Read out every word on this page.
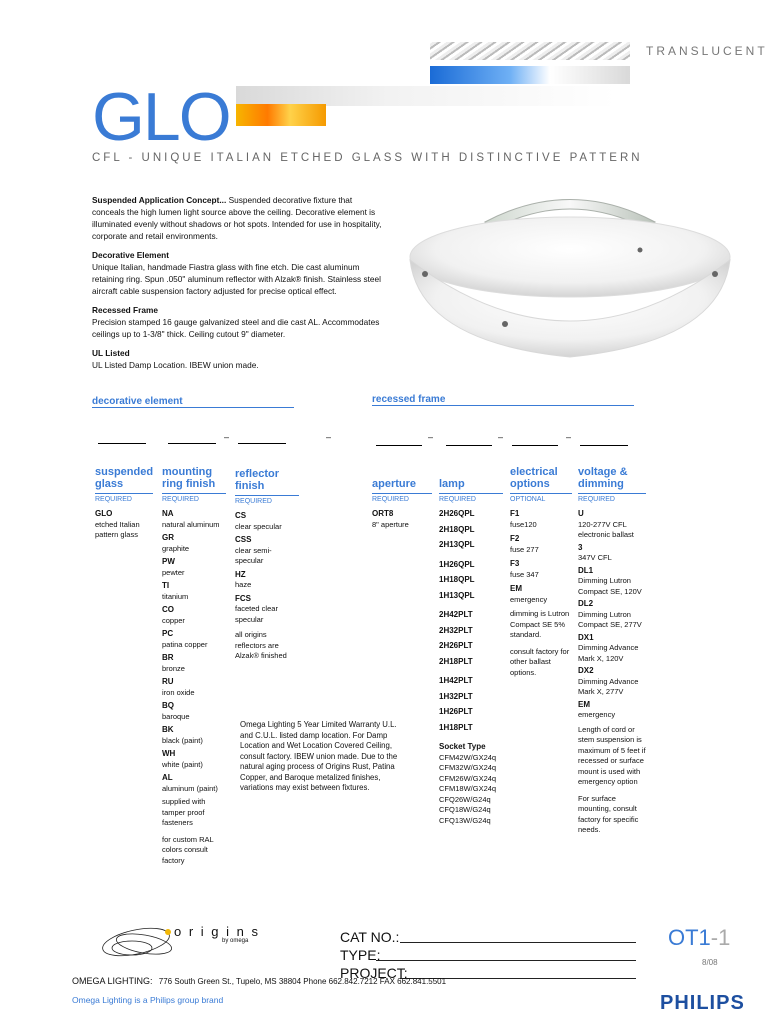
TRANSLUCENT
GLO
CFL - UNIQUE ITALIAN ETCHED GLASS WITH DISTINCTIVE PATTERN

Suspended Application Concept... Suspended decorative fixture that conceals the high lumen light source above the ceiling. Decorative element is illuminated evenly without shadows or hot spots. Intended for use in hospitality, corporate and retail environments.

Decorative Element
Unique Italian, handmade Fiastra glass with fine etch. Die cast aluminum retaining ring. Spun .050" aluminum reflector with Alzak® finish. Stainless steel aircraft cable suspension factory adjusted for precise optical effect.

Recessed Frame
Precision stamped 16 gauge galvanized steel and die cast AL. Accommodates ceilings up to 1-3/8" thick. Ceiling cutout 9" diameter.

UL Listed
UL Listed Damp Location. IBEW union made.

decorative element	recessed frame
–	–	–	–	–
suspended
glass
REQUIRED
GLO
etched Italian pattern glass
mounting
ring finish
REQUIRED
NA
natural aluminum
GR
graphite
PW
pewter
TI
titanium
CO
copper
PC
patina copper
BR
bronze
RU
iron oxide
BQ
baroque
BK
black (paint)
WH
white (paint)
AL
aluminum (paint)
supplied with tamper proof fasteners
for custom RAL colors consult factory
reflector
finish
REQUIRED
CS
clear specular
CSS
clear semi-specular
HZ
haze
FCS
faceted clear specular
all origins reflectors are Alzak® finished
Omega Lighting 5 Year Limited Warranty U.L. and C.U.L. listed damp location. For Damp Location and Wet Location Covered Ceiling, consult factory. IBEW union made. Due to the natural aging process of Origins Rust, Patina Copper, and Baroque metalized finishes, variations may exist between fixtures.
aperture
REQUIRED
ORT8
8" aperture
lamp
REQUIRED
2H26QPL
2H18QPL
2H13QPL
1H26QPL
1H18QPL
1H13QPL
2H42PLT
2H32PLT
2H26PLT
2H18PLT
1H42PLT
1H32PLT
1H26PLT
1H18PLT
Socket Type
CFM42W/GX24q
CFM32W/GX24q
CFM26W/GX24q
CFM18W/GX24q
CFQ26W/G24q
CFQ18W/G24q
CFQ13W/G24q
electrical
options
OPTIONAL
F1
fuse120
F2
fuse 277
F3
fuse 347
EM
emergency
dimming is Lutron Compact SE 5% standard.
consult factory for other ballast options.
voltage &
dimming
REQUIRED
U
120-277V CFL electronic ballast
3
347V CFL
DL1
Dimming Lutron Compact SE, 120V
DL2
Dimming Lutron Compact SE, 277V
DX1
Dimming Advance Mark X, 120V
DX2
Dimming Advance Mark X, 277V
EM
emergency
Length of cord or stem suspension is maximum of 5 feet if recessed or surface mount is used with emergency option
For surface mounting, consult factory for specific needs.
o r i g i n s
by omega	CAT NO.:
TYPE:
PROJECT:
OT1-1
8/08
OMEGA LIGHTING: 776 South Green St., Tupelo, MS 38804 Phone 662.842.7212 FAX 662.841.5501
Omega Lighting is a Philips group brand	PHILIPS
